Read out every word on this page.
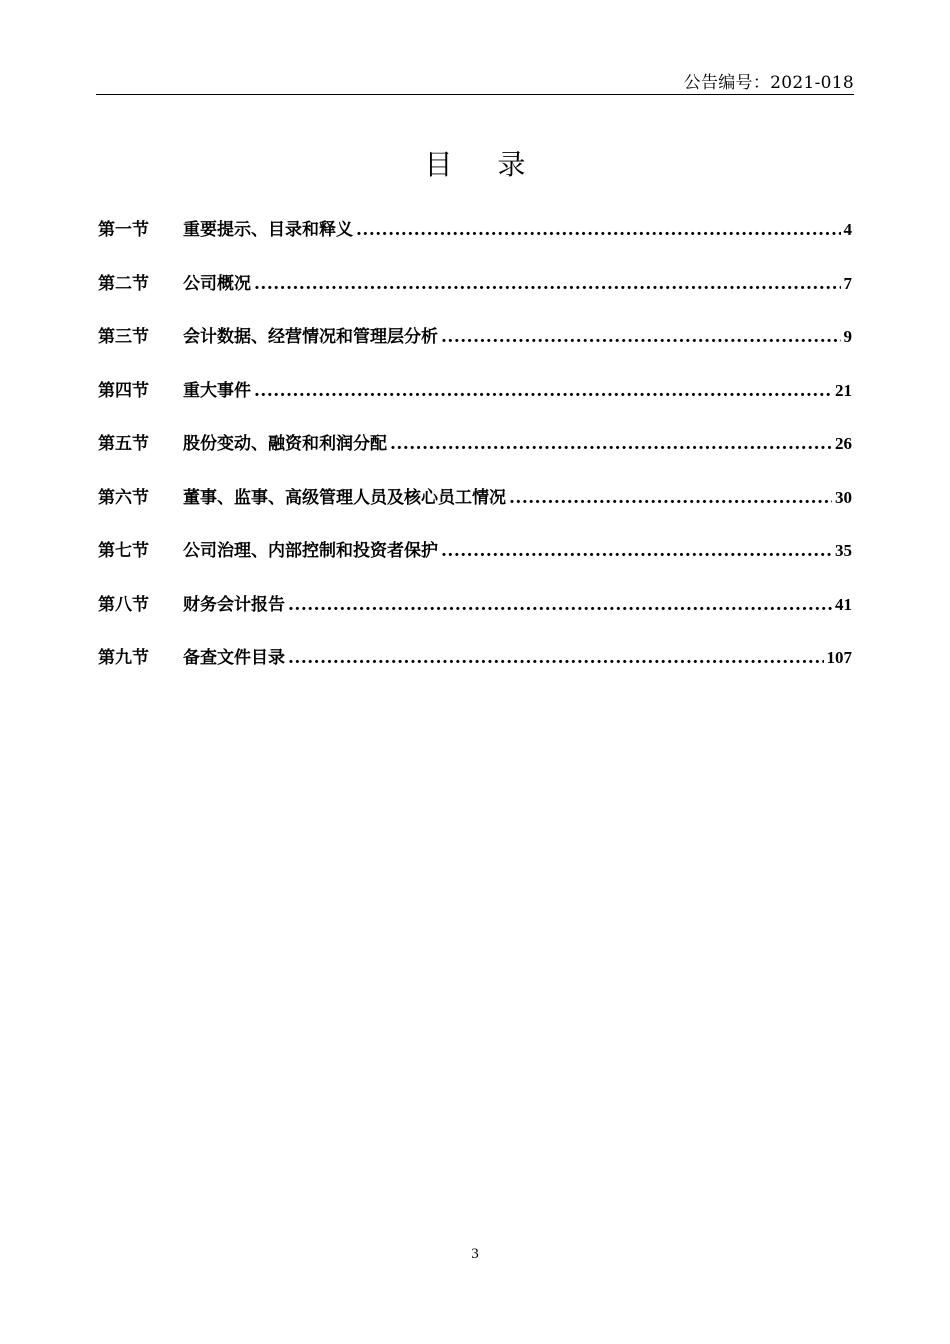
公告编号：2021-018
目 录
第一节	重要提示、目录和释义 .....	4
第二节	公司概况 .....	7
第三节	会计数据、经营情况和管理层分析 .....	9
第四节	重大事件 .....	21
第五节	股份变动、融资和利润分配 .....	26
第六节	董事、监事、高级管理人员及核心员工情况 .....	30
第七节	公司治理、内部控制和投资者保护 .....	35
第八节	财务会计报告 .....	41
第九节	备查文件目录 .....	107
3
